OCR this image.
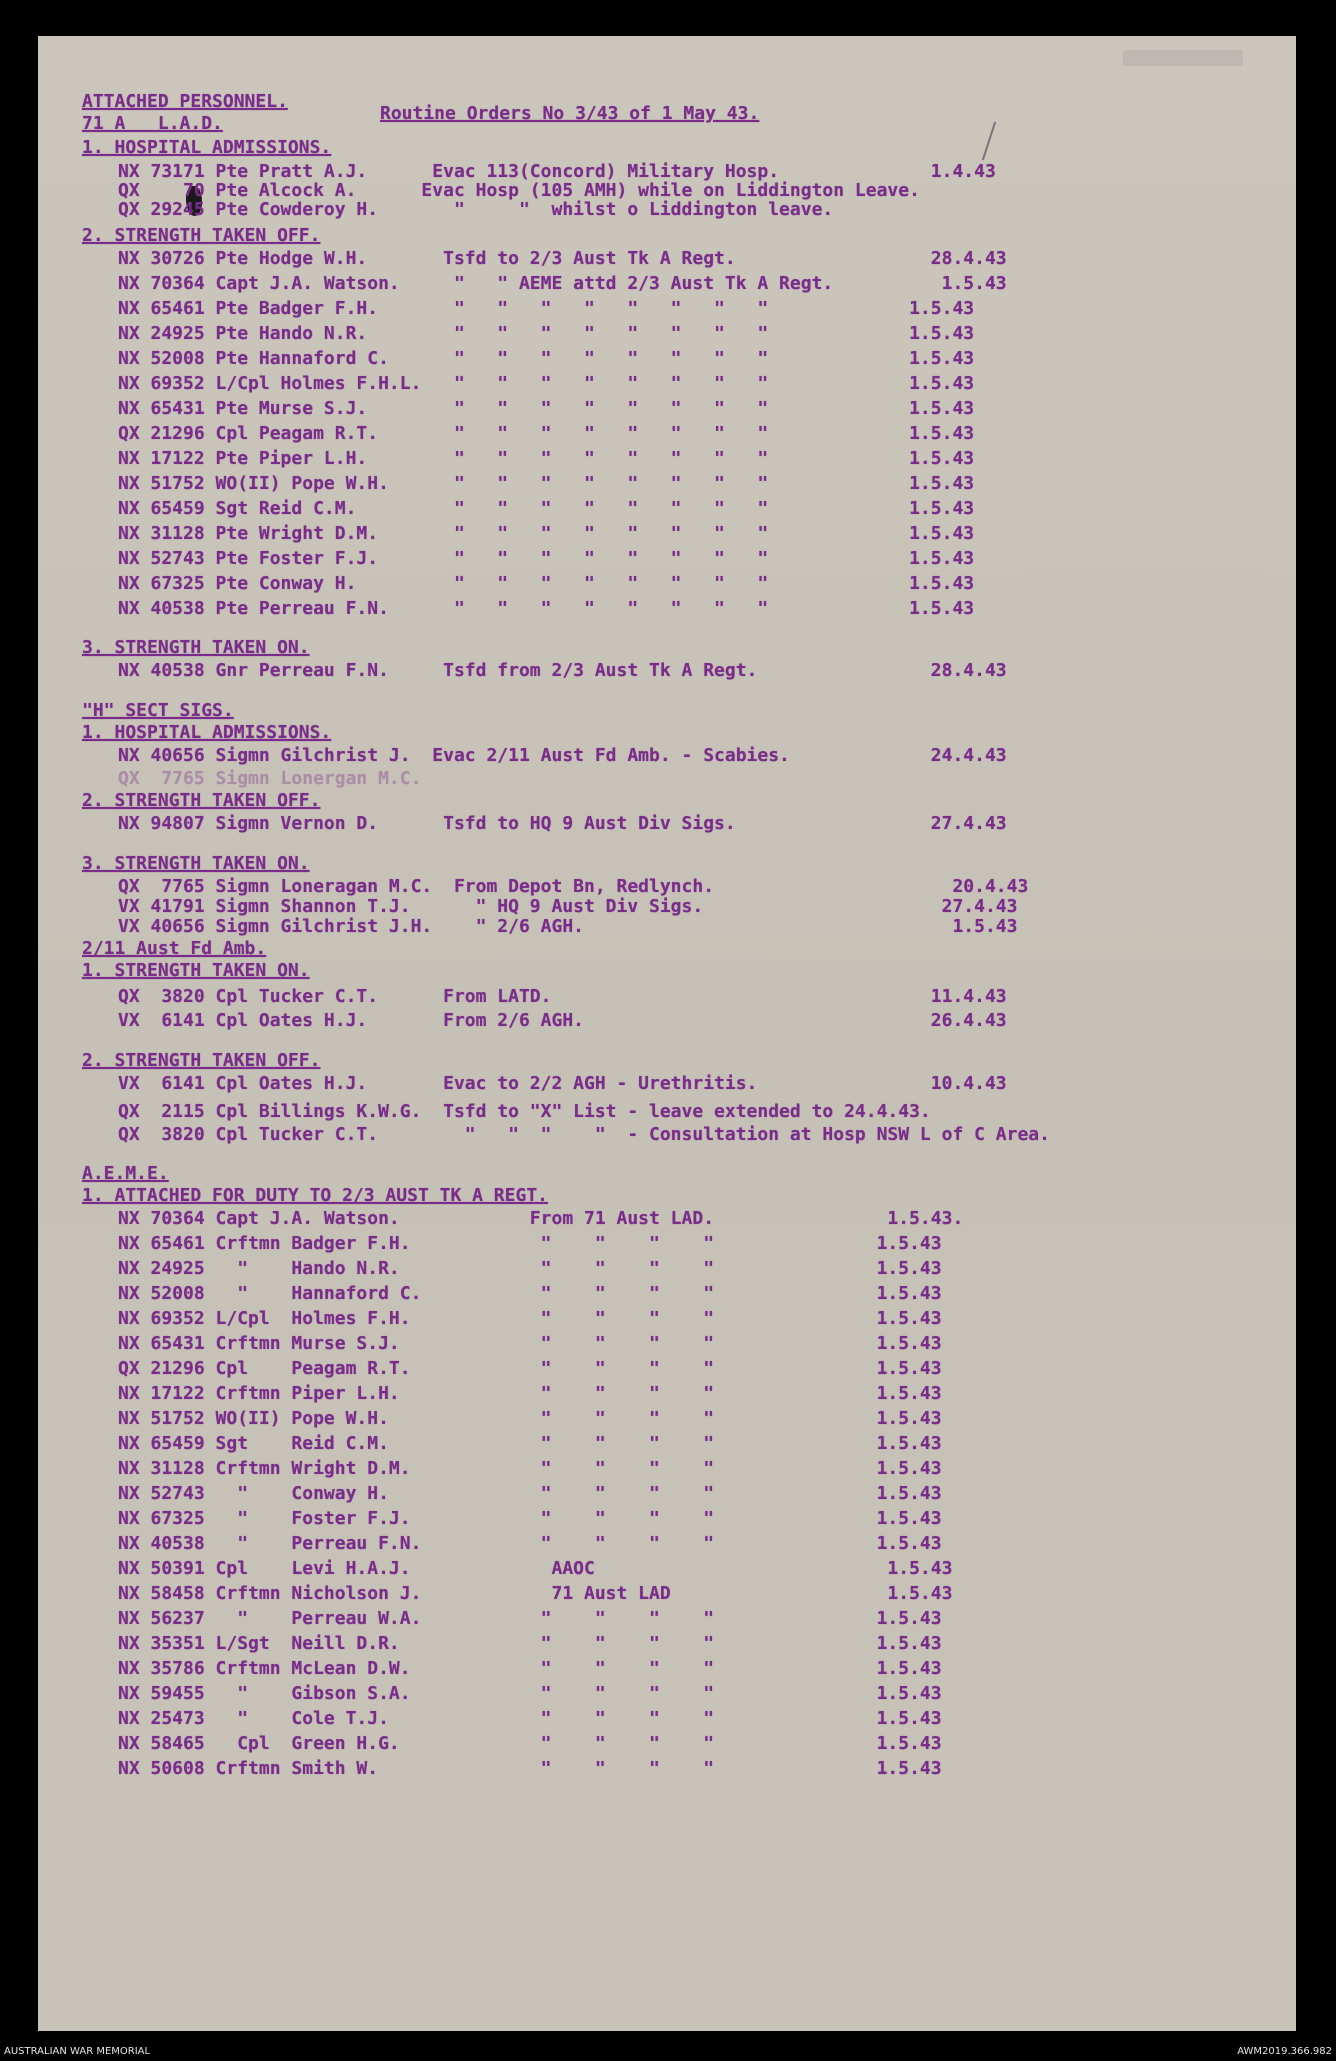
Routine Orders No 3/43 of 1 May 43.
ATTACHED PERSONNEL.
71 A   L.A.D.
1. HOSPITAL ADMISSIONS.
NX 73171 Pte Pratt A.J.      Evac 113(Concord) Military Hosp.              1.4.43
QX    70 Pte Alcock A.      Evac Hosp (105 AMH) while on Liddington Leave.
QX 29245 Pte Cowderoy H.       "     "  whilst o Liddington leave.
2. STRENGTH TAKEN OFF.
NX 30726 Pte Hodge W.H.       Tsfd to 2/3 Aust Tk A Regt.                  28.4.43
NX 70364 Capt J.A. Watson.     "   " AEME attd 2/3 Aust Tk A Regt.          1.5.43
NX 65461 Pte Badger F.H.       "   "   "   "   "   "   "   "             1.5.43
NX 24925 Pte Hando N.R.        "   "   "   "   "   "   "   "             1.5.43
NX 52008 Pte Hannaford C.      "   "   "   "   "   "   "   "             1.5.43
NX 69352 L/Cpl Holmes F.H.L.   "   "   "   "   "   "   "   "             1.5.43
NX 65431 Pte Murse S.J.        "   "   "   "   "   "   "   "             1.5.43
QX 21296 Cpl Peagam R.T.       "   "   "   "   "   "   "   "             1.5.43
NX 17122 Pte Piper L.H.        "   "   "   "   "   "   "   "             1.5.43
NX 51752 WO(II) Pope W.H.      "   "   "   "   "   "   "   "             1.5.43
NX 65459 Sgt Reid C.M.         "   "   "   "   "   "   "   "             1.5.43
NX 31128 Pte Wright D.M.       "   "   "   "   "   "   "   "             1.5.43
NX 52743 Pte Foster F.J.       "   "   "   "   "   "   "   "             1.5.43
NX 67325 Pte Conway H.         "   "   "   "   "   "   "   "             1.5.43
NX 40538 Pte Perreau F.N.      "   "   "   "   "   "   "   "             1.5.43
3. STRENGTH TAKEN ON.
NX 40538 Gnr Perreau F.N.     Tsfd from 2/3 Aust Tk A Regt.                28.4.43
"H" SECT SIGS.
1. HOSPITAL ADMISSIONS.
NX 40656 Sigmn Gilchrist J.  Evac 2/11 Aust Fd Amb. - Scabies.             24.4.43
QX  7765 Sigmn Lonergan M.C.
2. STRENGTH TAKEN OFF.
NX 94807 Sigmn Vernon D.      Tsfd to HQ 9 Aust Div Sigs.                  27.4.43
3. STRENGTH TAKEN ON.
QX  7765 Sigmn Loneragan M.C.  From Depot Bn, Redlynch.                      20.4.43
VX 41791 Sigmn Shannon T.J.      " HQ 9 Aust Div Sigs.                      27.4.43
VX 40656 Sigmn Gilchrist J.H.    " 2/6 AGH.                                  1.5.43
2/11 Aust Fd Amb.
1. STRENGTH TAKEN ON.
QX  3820 Cpl Tucker C.T.      From LATD.                                   11.4.43
VX  6141 Cpl Oates H.J.       From 2/6 AGH.                                26.4.43
2. STRENGTH TAKEN OFF.
VX  6141 Cpl Oates H.J.       Evac to 2/2 AGH - Urethritis.                10.4.43
QX  2115 Cpl Billings K.W.G.  Tsfd to "X" List - leave extended to 24.4.43.
QX  3820 Cpl Tucker C.T.        "   "  "    "  - Consultation at Hosp NSW L of C Area.
A.E.M.E.
1. ATTACHED FOR DUTY TO 2/3 AUST TK A REGT.
NX 70364 Capt J.A. Watson.            From 71 Aust LAD.                1.5.43.
NX 65461 Crftmn Badger F.H.            "    "    "    "               1.5.43
NX 24925   "    Hando N.R.             "    "    "    "               1.5.43
NX 52008   "    Hannaford C.           "    "    "    "               1.5.43
NX 69352 L/Cpl  Holmes F.H.            "    "    "    "               1.5.43
NX 65431 Crftmn Murse S.J.             "    "    "    "               1.5.43
QX 21296 Cpl    Peagam R.T.            "    "    "    "               1.5.43
NX 17122 Crftmn Piper L.H.             "    "    "    "               1.5.43
NX 51752 WO(II) Pope W.H.              "    "    "    "               1.5.43
NX 65459 Sgt    Reid C.M.              "    "    "    "               1.5.43
NX 31128 Crftmn Wright D.M.            "    "    "    "               1.5.43
NX 52743   "    Conway H.              "    "    "    "               1.5.43
NX 67325   "    Foster F.J.            "    "    "    "               1.5.43
NX 40538   "    Perreau F.N.           "    "    "    "               1.5.43
NX 50391 Cpl    Levi H.A.J.             AAOC                           1.5.43
NX 58458 Crftmn Nicholson J.            71 Aust LAD                    1.5.43
NX 56237   "    Perreau W.A.           "    "    "    "               1.5.43
NX 35351 L/Sgt  Neill D.R.             "    "    "    "               1.5.43
NX 35786 Crftmn McLean D.W.            "    "    "    "               1.5.43
NX 59455   "    Gibson S.A.            "    "    "    "               1.5.43
NX 25473   "    Cole T.J.              "    "    "    "               1.5.43
NX 58465   Cpl  Green H.G.             "    "    "    "               1.5.43
NX 50608 Crftmn Smith W.               "    "    "    "               1.5.43
AUSTRALIAN WAR MEMORIAL	AWM2019.366.982
